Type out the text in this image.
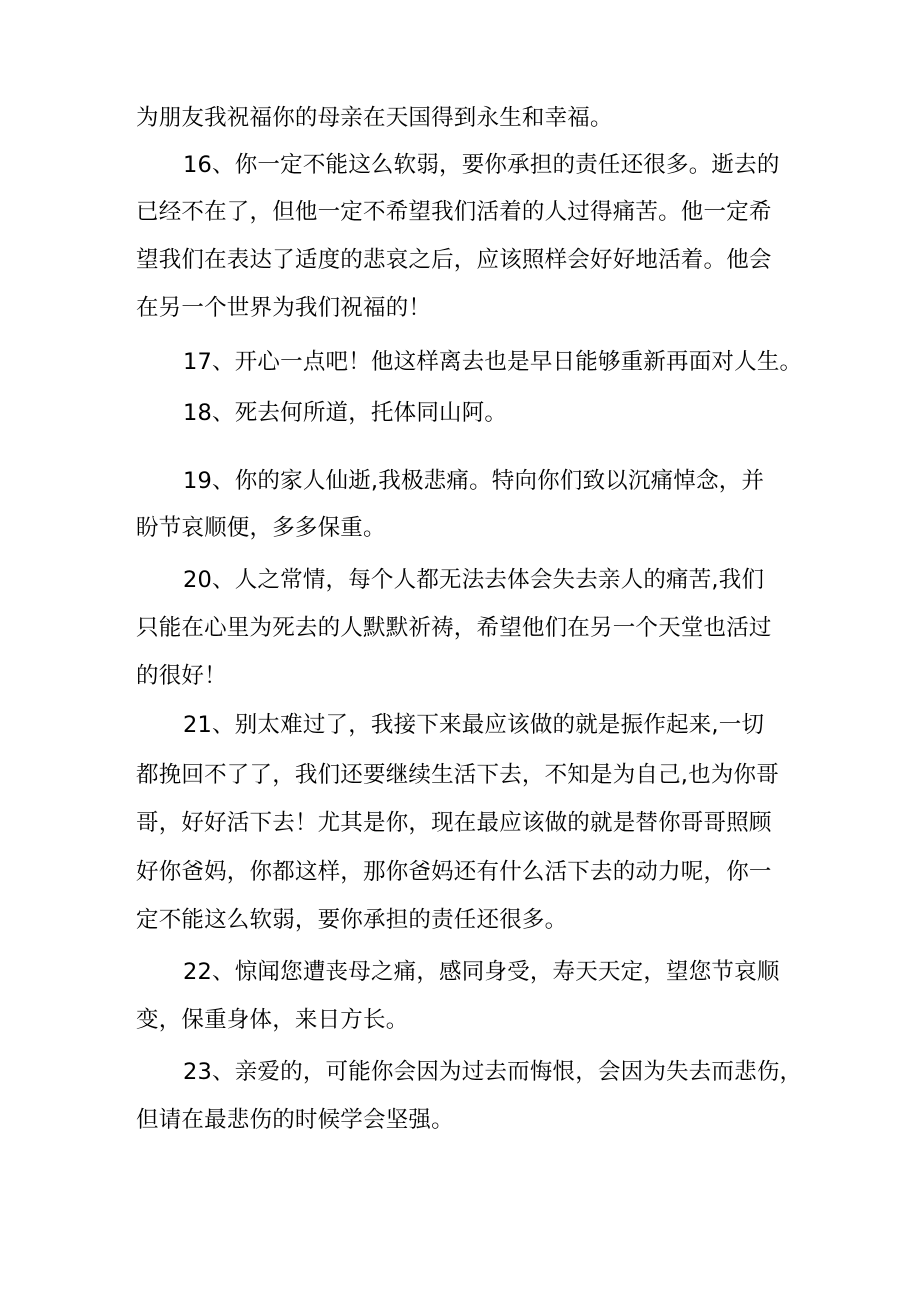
为朋友我祝福你的母亲在天国得到永生和幸福。
16、你一定不能这么软弱，要你承担的责任还很多。逝去的
已经不在了，但他一定不希望我们活着的人过得痛苦。他一定希
望我们在表达了适度的悲哀之后，应该照样会好好地活着。他会
在另一个世界为我们祝福的！
17、开心一点吧！他这样离去也是早日能够重新再面对人生。
18、死去何所道，托体同山阿。
19、你的家人仙逝,我极悲痛。特向你们致以沉痛悼念，并
盼节哀顺便，多多保重。
20、人之常情，每个人都无法去体会失去亲人的痛苦,我们
只能在心里为死去的人默默祈祷，希望他们在另一个天堂也活过
的很好！
21、别太难过了，我接下来最应该做的就是振作起来,一切
都挽回不了了，我们还要继续生活下去，不知是为自己,也为你哥
哥，好好活下去！尤其是你，现在最应该做的就是替你哥哥照顾
好你爸妈，你都这样，那你爸妈还有什么活下去的动力呢，你一
定不能这么软弱，要你承担的责任还很多。
22、惊闻您遭丧母之痛，感同身受，寿天天定，望您节哀顺
变，保重身体，来日方长。
23、亲爱的，可能你会因为过去而悔恨，会因为失去而悲伤，
但请在最悲伤的时候学会坚强。
